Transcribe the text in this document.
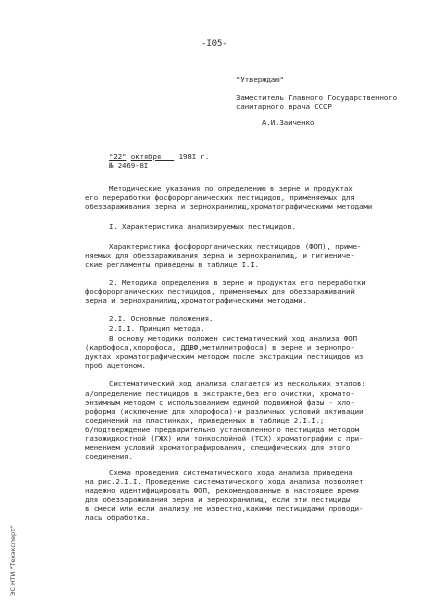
-I05-
"Утверждаю"
Заместитель Главного Государственного
санитарного врача СССР
А.И.Заиченко
"22" октября 198I г.
№ 2469-8I
Методические указания по определению в зерне и продуктах
его переработки фосфорорганических пестицидов, применяемых для
обеззараживания зерна и зернохранилищ,хроматографическими методами
I. Характеристика анализируемых пестицидов.
Характеристика фосфорорганических пестицидов (ФОП), приме-
няемых для обеззараживания зерна и зернохранилищ, и гигиениче-
ские регламенты приведены в таблице I.I.
2. Методика определения в зерне и продуктах его переработки
фосфорорганических пестицидов, применяемых для обеззараживаний
зерна и зернохранилищ,хроматографическими методами.
2.I. Основные положения.
2.I.I. Принцип метода.
В основу методики положен систематический ход анализа ФОП
(карбофоса,хлорофоса, ДДВФ,метилнитрофоса) в зерне и зернопро-
дуктах хроматографическим методом после экстракции пестицидов из
проб ацетоном.
Систематический ход анализа слагается из нескольких этапов:
а/определение пестицидов в экстракте,без его очистки, хромато-
энзимным методом с использованием единой подвижной фазы - хло-
роформа (исключение для хлорофоса)-и различных условий активации
соединений на пластинках, приведенных в таблице 2.I.I.;
б/подтверждение предварительно установленного пестицида методом
газожидкостной (ГЖХ) или тонкослойной (ТСХ) хроматографии с при-
менением условий хроматографирования, специфических для этого
соединения.
Схема проведения систематического хода анализа приведена
на рис.2.I.I. Проведение систематического хода анализа позволяет
надежно идентифицировать ФОП, рекомендованные в настоящее время
для обеззараживания зерна и зернохранилищ, если эти пестициды
в смеси или если анализу не известно,какими пестицидами проводи-
лась обработка.
ЭС НТИ "Техэксперт"
